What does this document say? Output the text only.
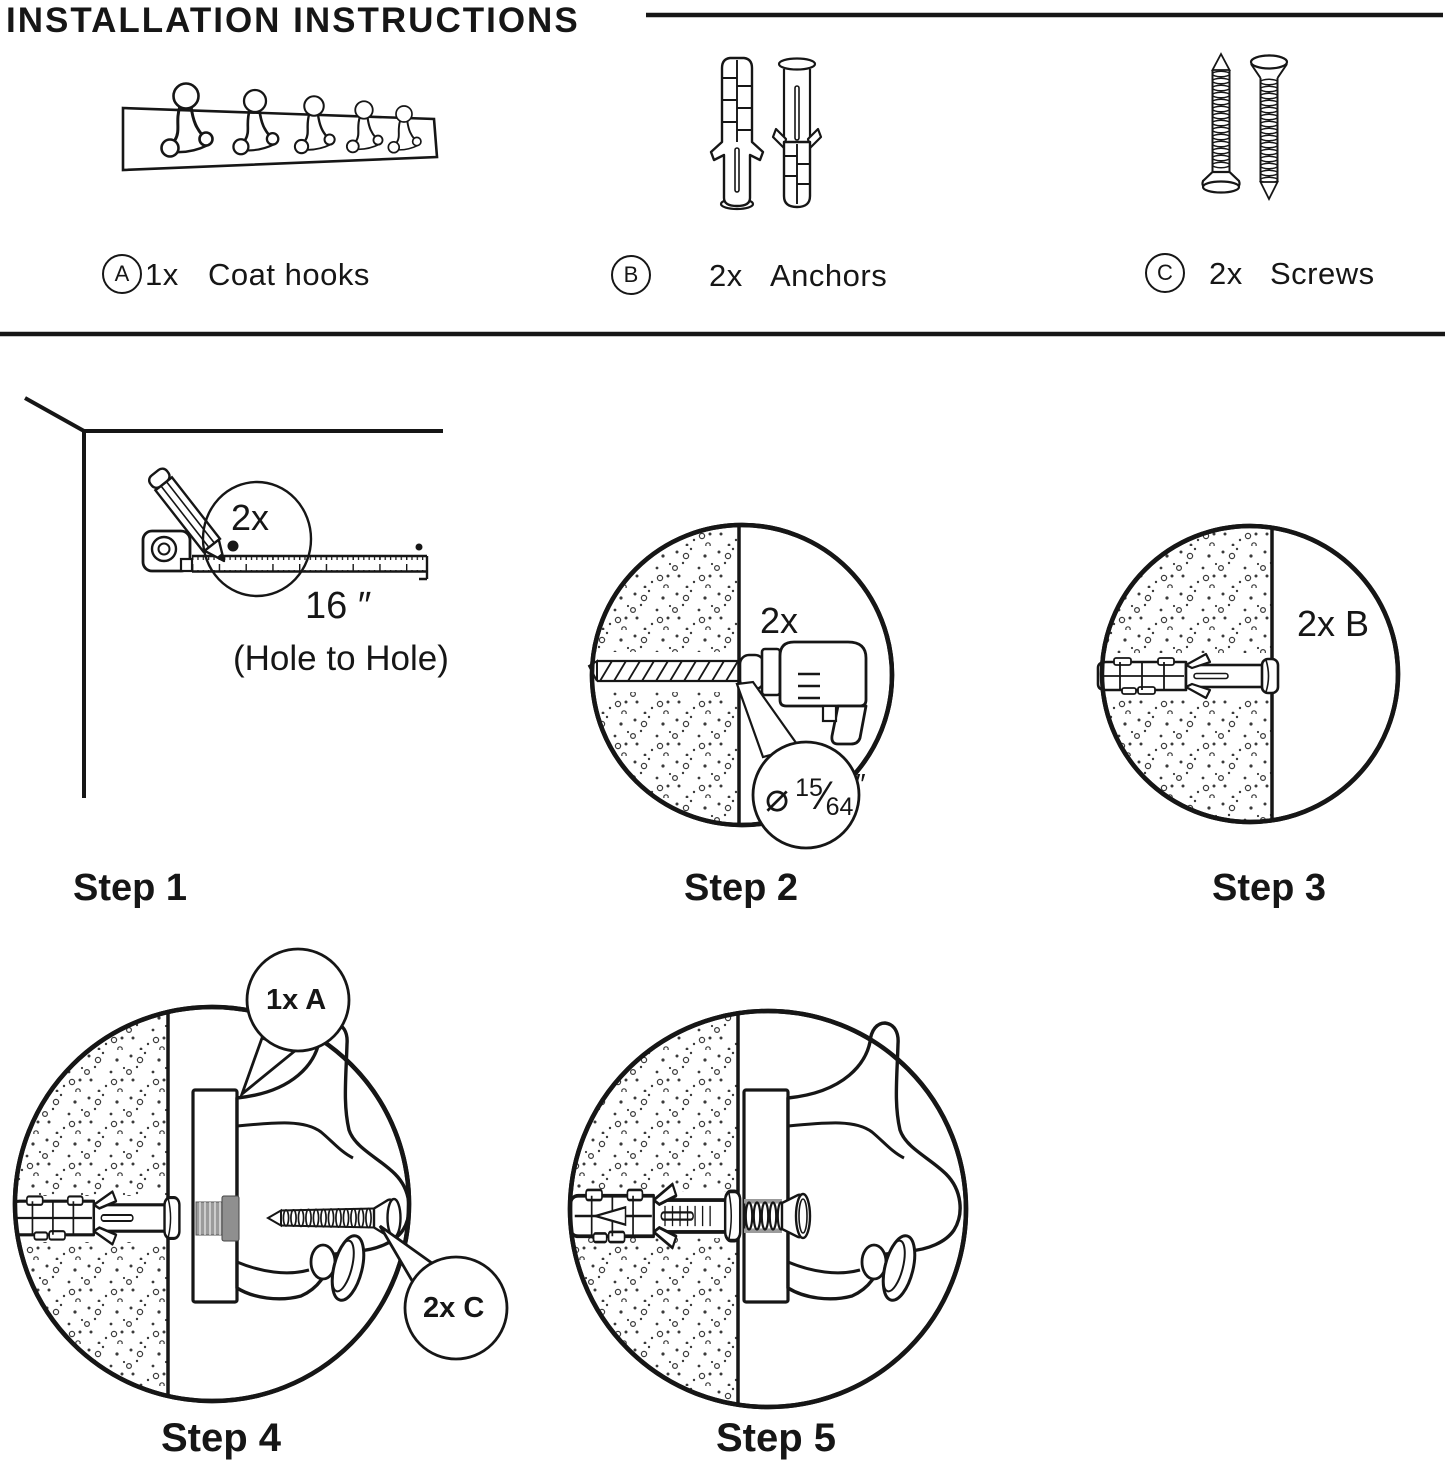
INSTALLATION INSTRUCTIONS
A 1x Coat hooks	B	2x Anchors	C	2x Screws
2x
16 ″
(Hole to Hole)
Step 1
2x
⌀ 15⁄64″
Step 2
2x B
Step 3
1x A
2x C
Step 4	Step 5
